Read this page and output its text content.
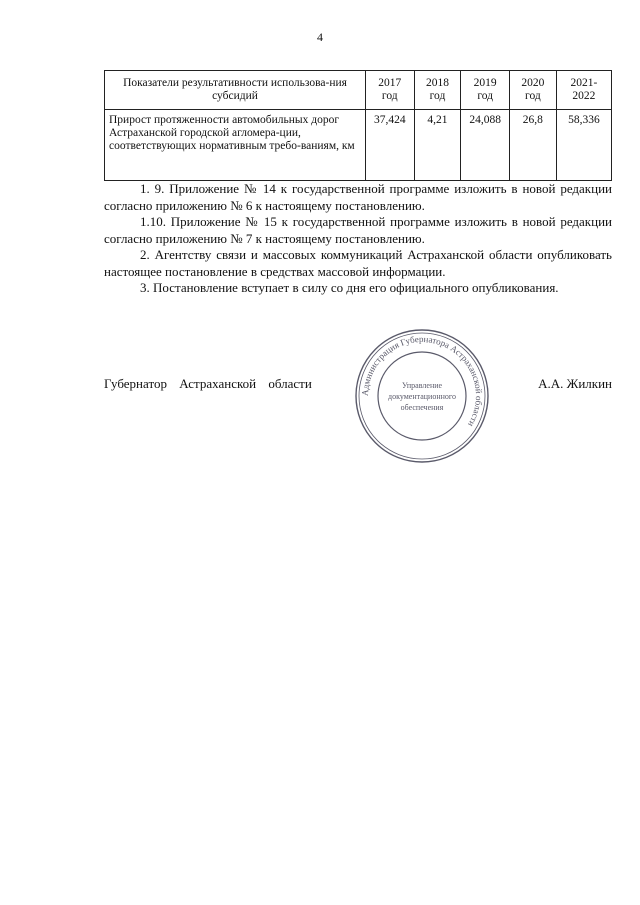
4
Показатели результативности использова-ния субсидий	2017 год	2018 год	2019 год	2020 год	2021-2022
Прирост протяженности автомобильных дорог Астраханской городской агломера-ции, соответствующих нормативным требо-ваниям, км	37,424	4,21	24,088	26,8	58,336

1. 9. Приложение № 14 к государственной программе изложить в новой редакции согласно приложению № 6 к настоящему постановлению.

1.10. Приложение № 15 к государственной программе изложить в новой редакции согласно приложению № 7 к настоящему постановлению.

2. Агентству связи и массовых коммуникаций Астраханской области опубликовать настоящее постановление в средствах массовой информации.

3. Постановление вступает в силу со дня его официального опубликования.

Губернатор Астраханской области	А.А. Жилкин
Администрация Губернатора Астраханской области
Управление
документационного
обеспечения
